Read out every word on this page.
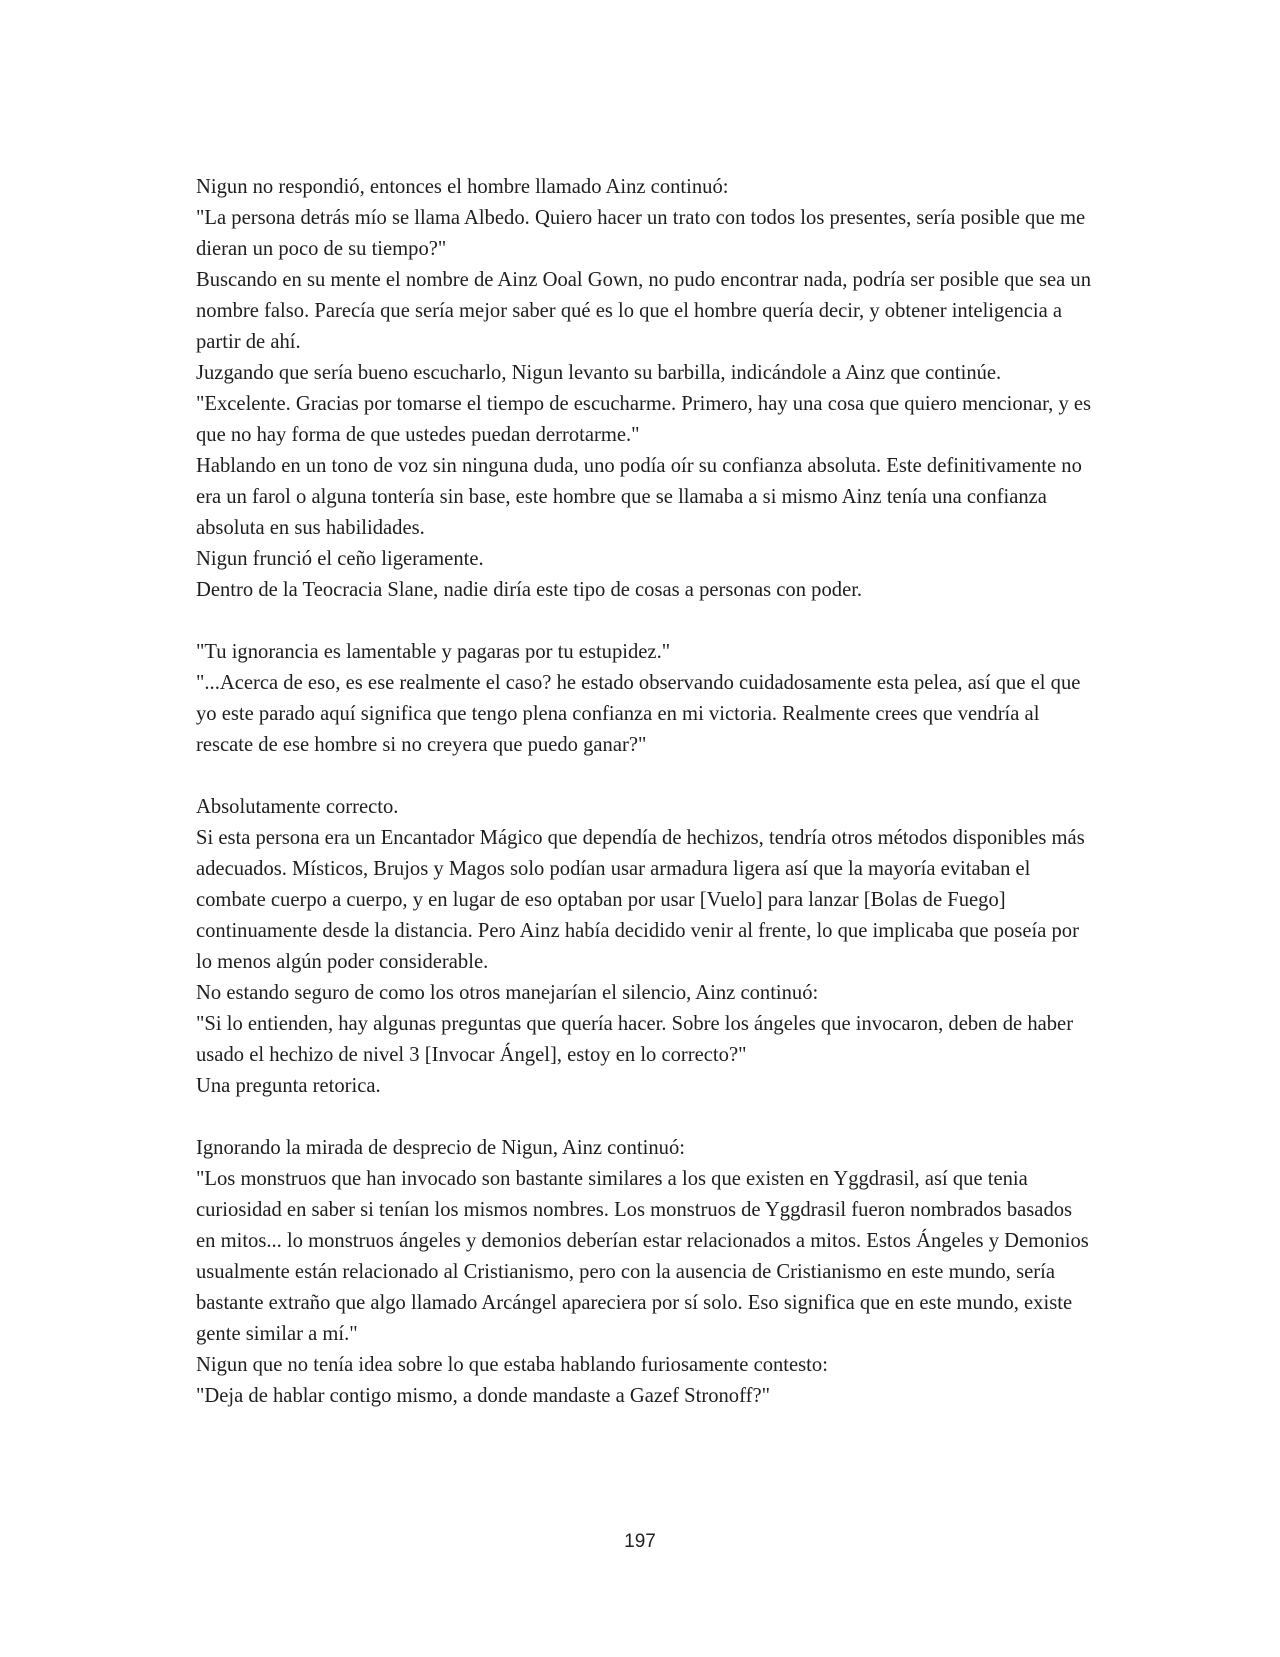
Nigun no respondió, entonces el hombre llamado Ainz continuó:

"La persona detrás mío se llama Albedo. Quiero hacer un trato con todos los presentes, sería posible que me dieran un poco de su tiempo?"

Buscando en su mente el nombre de Ainz Ooal Gown, no pudo encontrar nada, podría ser posible que sea un nombre falso. Parecía que sería mejor saber qué es lo que el hombre quería decir, y obtener inteligencia a partir de ahí.

Juzgando que sería bueno escucharlo, Nigun levanto su barbilla, indicándole a Ainz que continúe.

"Excelente. Gracias por tomarse el tiempo de escucharme. Primero, hay una cosa que quiero mencionar, y es que no hay forma de que ustedes puedan derrotarme."

Hablando en un tono de voz sin ninguna duda, uno podía oír su confianza absoluta. Este definitivamente no era un farol o alguna tontería sin base, este hombre que se llamaba a si mismo Ainz tenía una confianza absoluta en sus habilidades.

Nigun frunció el ceño ligeramente.

Dentro de la Teocracia Slane, nadie diría este tipo de cosas a personas con poder.

"Tu ignorancia es lamentable y pagaras por tu estupidez."

"...Acerca de eso, es ese realmente el caso? he estado observando cuidadosamente esta pelea, así que el que yo este parado aquí significa que tengo plena confianza en mi victoria. Realmente crees que vendría al rescate de ese hombre si no creyera que puedo ganar?"

Absolutamente correcto.

Si esta persona era un Encantador Mágico que dependía de hechizos, tendría otros métodos disponibles más adecuados. Místicos, Brujos y Magos solo podían usar armadura ligera así que la mayoría evitaban el combate cuerpo a cuerpo, y en lugar de eso optaban por usar [Vuelo] para lanzar [Bolas de Fuego] continuamente desde la distancia. Pero Ainz había decidido venir al frente, lo que implicaba que poseía por lo menos algún poder considerable.

No estando seguro de como los otros manejarían el silencio, Ainz continuó:

"Si lo entienden, hay algunas preguntas que quería hacer. Sobre los ángeles que invocaron, deben de haber usado el hechizo de nivel 3 [Invocar Ángel], estoy en lo correcto?"

Una pregunta retorica.

Ignorando la mirada de desprecio de Nigun, Ainz continuó:

"Los monstruos que han invocado son bastante similares a los que existen en Yggdrasil, así que tenia curiosidad en saber si tenían los mismos nombres. Los monstruos de Yggdrasil fueron nombrados basados en mitos... lo monstruos ángeles y demonios deberían estar relacionados a mitos. Estos Ángeles y Demonios usualmente están relacionado al Cristianismo, pero con la ausencia de Cristianismo en este mundo, sería bastante extraño que algo llamado Arcángel apareciera por sí solo. Eso significa que en este mundo, existe gente similar a mí."

Nigun que no tenía idea sobre lo que estaba hablando furiosamente contesto:

"Deja de hablar contigo mismo, a donde mandaste a Gazef Stronoff?"

197
